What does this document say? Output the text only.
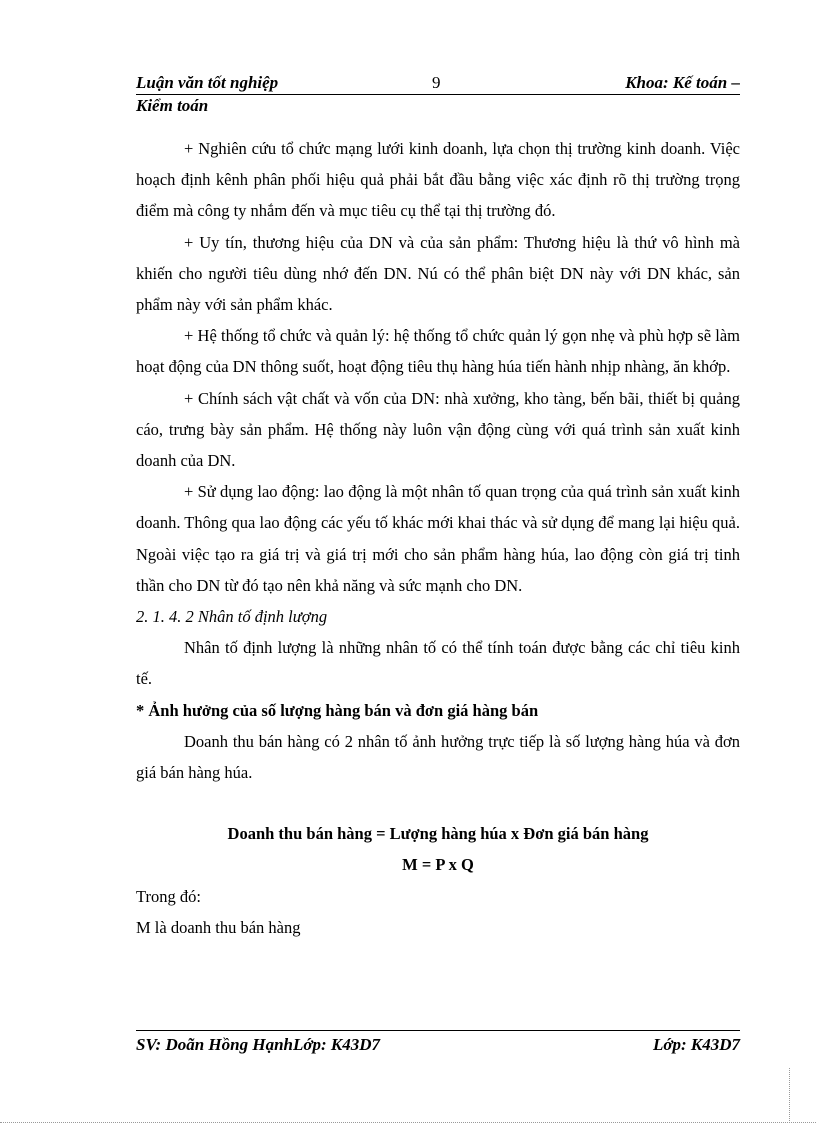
Luận văn tốt nghiệp	9	Khoa: Kế toán –
Kiểm toán

+ Nghiên cứu tổ chức mạng lưới kinh doanh, lựa chọn thị trường kinh doanh. Việc hoạch định kênh phân phối hiệu quả phải bắt đầu bằng việc xác định rõ thị trường trọng điểm mà công ty nhắm đến và mục tiêu cụ thể tại thị trường đó.

+ Uy tín, thương hiệu của DN và của sản phẩm: Thương hiệu là thứ vô hình mà khiến cho người tiêu dùng nhớ đến DN. Nú có thể phân biệt DN này với DN khác, sản phẩm này với sản phẩm khác.

+ Hệ thống tổ chức và quản lý: hệ thống tổ chức quản lý gọn nhẹ và phù hợp sẽ làm hoạt động của DN thông suốt, hoạt động tiêu thụ hàng húa tiến hành nhịp nhàng, ăn khớp.

+ Chính sách vật chất và vốn của DN: nhà xưởng, kho tàng, bến bãi, thiết bị quảng cáo, trưng bày sản phẩm. Hệ thống này luôn vận động cùng với quá trình sản xuất kinh doanh của DN.

+ Sử dụng lao động: lao động là một nhân tố quan trọng của quá trình sản xuất kinh doanh. Thông qua lao động các yếu tố khác mới khai thác và sử dụng để mang lại hiệu quả. Ngoài việc tạo ra giá trị và giá trị mới cho sản phẩm hàng húa, lao động còn giá trị tinh thần cho DN từ đó tạo nên khả năng và sức mạnh cho DN.

2. 1. 4. 2 Nhân tố định lượng

Nhân tố định lượng là những nhân tố có thể tính toán được bằng các chỉ tiêu kinh tế.

* Ảnh hưởng của số lượng hàng bán và đơn giá hàng bán

Doanh thu bán hàng có 2 nhân tố ảnh hưởng trực tiếp là số lượng hàng húa và đơn giá bán hàng húa.

Doanh thu bán hàng = Lượng hàng húa x Đơn giá bán hàng

M = P x Q

Trong đó:

M là doanh thu bán hàng

SV: Doãn Hồng HạnhLớp: K43D7	Lớp: K43D7
